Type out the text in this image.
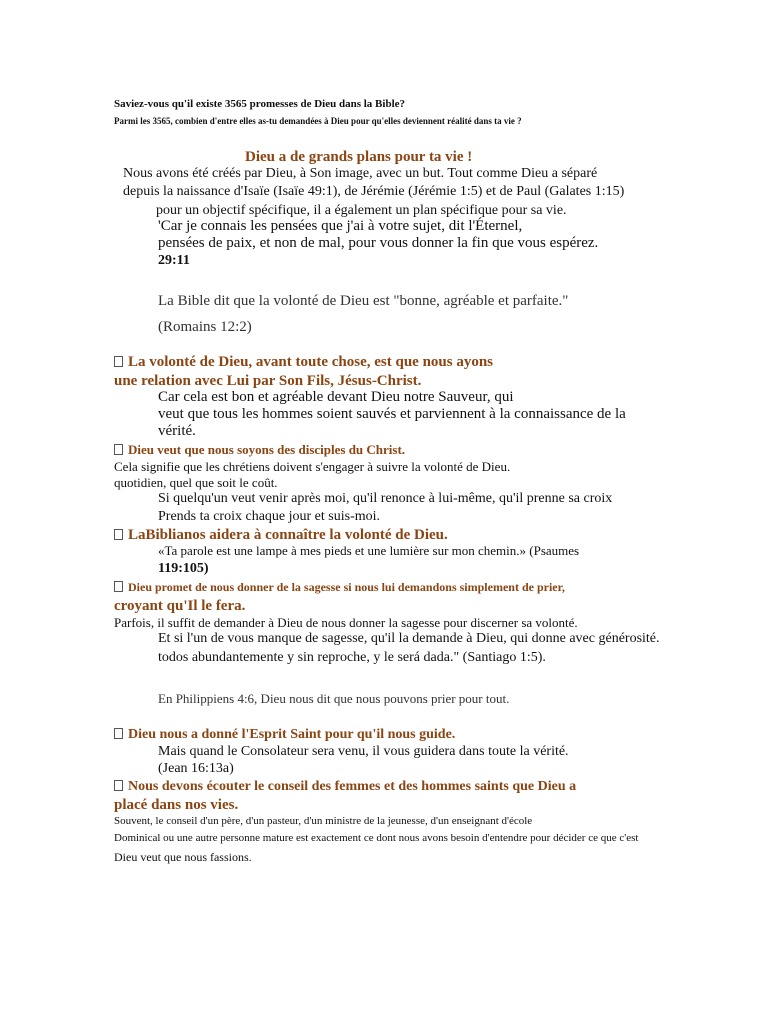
Saviez-vous qu'il existe 3565 promesses de Dieu dans la Bible?
Parmi les 3565, combien d'entre elles as-tu demandées à Dieu pour qu'elles deviennent réalité dans ta vie ?
Dieu a de grands plans pour ta vie !
Nous avons été créés par Dieu, à Son image, avec un but. Tout comme Dieu a séparé
depuis la naissance d'Isaïe (Isaïe 49:1), de Jérémie (Jérémie 1:5) et de Paul (Galates 1:15)
pour un objectif spécifique, il a également un plan spécifique pour sa vie.
'Car je connais les pensées que j'ai à votre sujet, dit l'Éternel,
pensées de paix, et non de mal, pour vous donner la fin que vous espérez.
29:11
La Bible dit que la volonté de Dieu est "bonne, agréable et parfaite."
(Romains 12:2)
La volonté de Dieu, avant toute chose, est que nous ayons
une relation avec Lui par Son Fils, Jésus-Christ.
Car cela est bon et agréable devant Dieu notre Sauveur, qui
veut que tous les hommes soient sauvés et parviennent à la connaissance de la
vérité.
Dieu veut que nous soyons des disciples du Christ.
Cela signifie que les chrétiens doivent s'engager à suivre la volonté de Dieu.
quotidien, quel que soit le coût.
Si quelqu'un veut venir après moi, qu'il renonce à lui-même, qu'il prenne sa croix
Prends ta croix chaque jour et suis-moi.
LaBiblianos aidera à connaître la volonté de Dieu.
«Ta parole est une lampe à mes pieds et une lumière sur mon chemin.» (Psaumes
119:105)
Dieu promet de nous donner de la sagesse si nous lui demandons simplement de prier,
croyant qu'Il le fera.
Parfois, il suffit de demander à Dieu de nous donner la sagesse pour discerner sa volonté.
Et si l'un de vous manque de sagesse, qu'il la demande à Dieu, qui donne avec générosité.
todos abundantemente y sin reproche, y le será dada." (Santiago 1:5).
En Philippiens 4:6, Dieu nous dit que nous pouvons prier pour tout.
Dieu nous a donné l'Esprit Saint pour qu'il nous guide.
Mais quand le Consolateur sera venu, il vous guidera dans toute la vérité.
(Jean 16:13a)
Nous devons écouter le conseil des femmes et des hommes saints que Dieu a
placé dans nos vies.
Souvent, le conseil d'un père, d'un pasteur, d'un ministre de la jeunesse, d'un enseignant d'école
Dominical ou une autre personne mature est exactement ce dont nous avons besoin d'entendre pour décider ce que c'est
Dieu veut que nous fassions.
